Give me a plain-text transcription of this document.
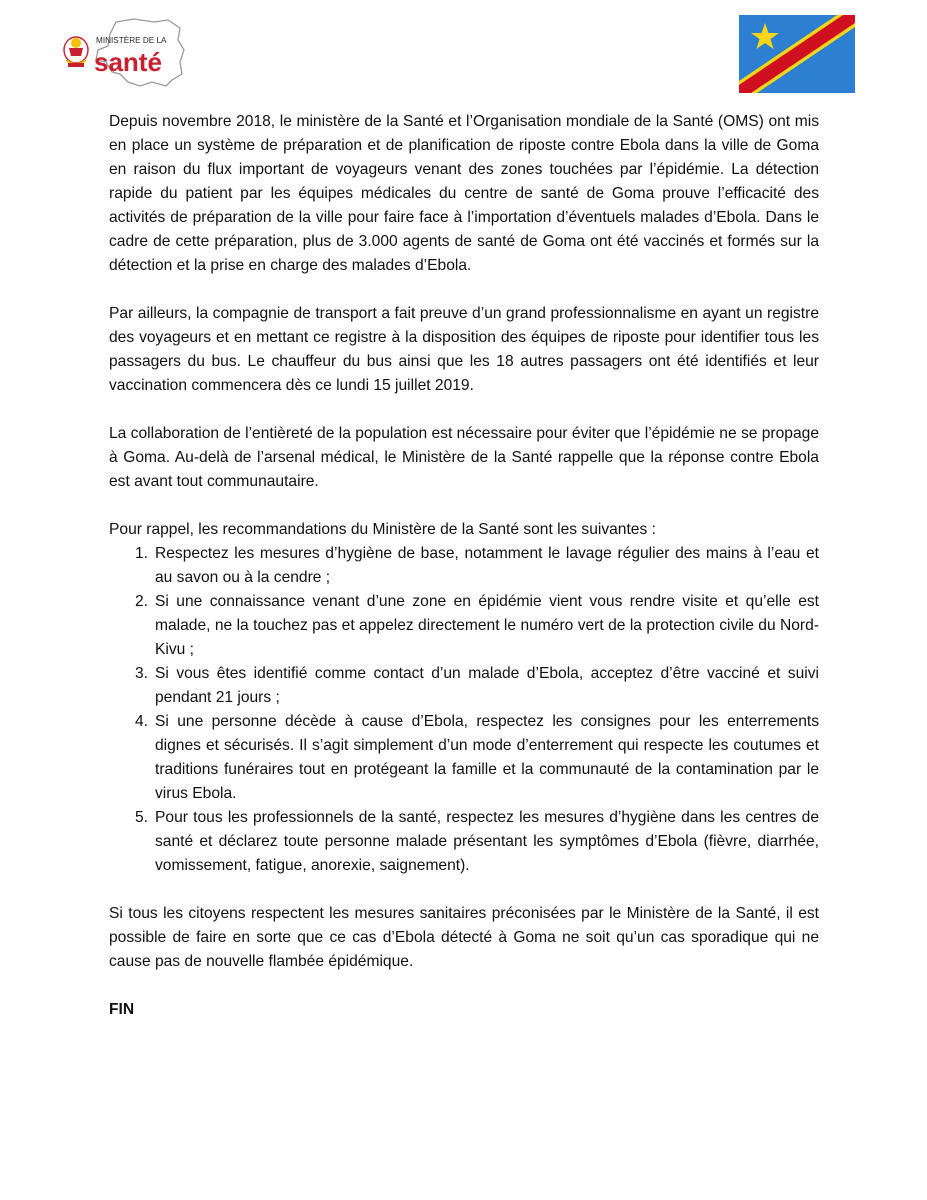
MINISTÈRE DE LA
santé

Depuis novembre 2018, le ministère de la Santé et l’Organisation mondiale de la Santé (OMS) ont mis en place un système de préparation et de planification de riposte contre Ebola dans la ville de Goma en raison du flux important de voyageurs venant des zones touchées par l’épidémie. La détection rapide du patient par les équipes médicales du centre de santé de Goma prouve l’efficacité des activités de préparation de la ville pour faire face à l’importation d’éventuels malades d’Ebola. Dans le cadre de cette préparation, plus de 3.000 agents de santé de Goma ont été vaccinés et formés sur la détection et la prise en charge des malades d’Ebola.

Par ailleurs, la compagnie de transport a fait preuve d’un grand professionnalisme en ayant un registre des voyageurs et en mettant ce registre à la disposition des équipes de riposte pour identifier tous les passagers du bus. Le chauffeur du bus ainsi que les 18 autres passagers ont été identifiés et leur vaccination commencera dès ce lundi 15 juillet 2019.

La collaboration de l’entièreté de la population est nécessaire pour éviter que l’épidémie ne se propage à Goma. Au-delà de l’arsenal médical, le Ministère de la Santé rappelle que la réponse contre Ebola est avant tout communautaire.

Pour rappel, les recommandations du Ministère de la Santé sont les suivantes :

1. Respectez les mesures d’hygiène de base, notamment le lavage régulier des mains à l’eau et au savon ou à la cendre ;
2. Si une connaissance venant d’une zone en épidémie vient vous rendre visite et qu’elle est malade, ne la touchez pas et appelez directement le numéro vert de la protection civile du Nord-Kivu ;
3. Si vous êtes identifié comme contact d’un malade d’Ebola, acceptez d’être vacciné et suivi pendant 21 jours ;
4. Si une personne décède à cause d’Ebola, respectez les consignes pour les enterrements dignes et sécurisés. Il s’agit simplement d’un mode d’enterrement qui respecte les coutumes et traditions funéraires tout en protégeant la famille et la communauté de la contamination par le virus Ebola.
5. Pour tous les professionnels de la santé, respectez les mesures d’hygiène dans les centres de santé et déclarez toute personne malade présentant les symptômes d’Ebola (fièvre, diarrhée, vomissement, fatigue, anorexie, saignement).

Si tous les citoyens respectent les mesures sanitaires préconisées par le Ministère de la Santé, il est possible de faire en sorte que ce cas d’Ebola détecté à Goma ne soit qu’un cas sporadique qui ne cause pas de nouvelle flambée épidémique.

FIN
